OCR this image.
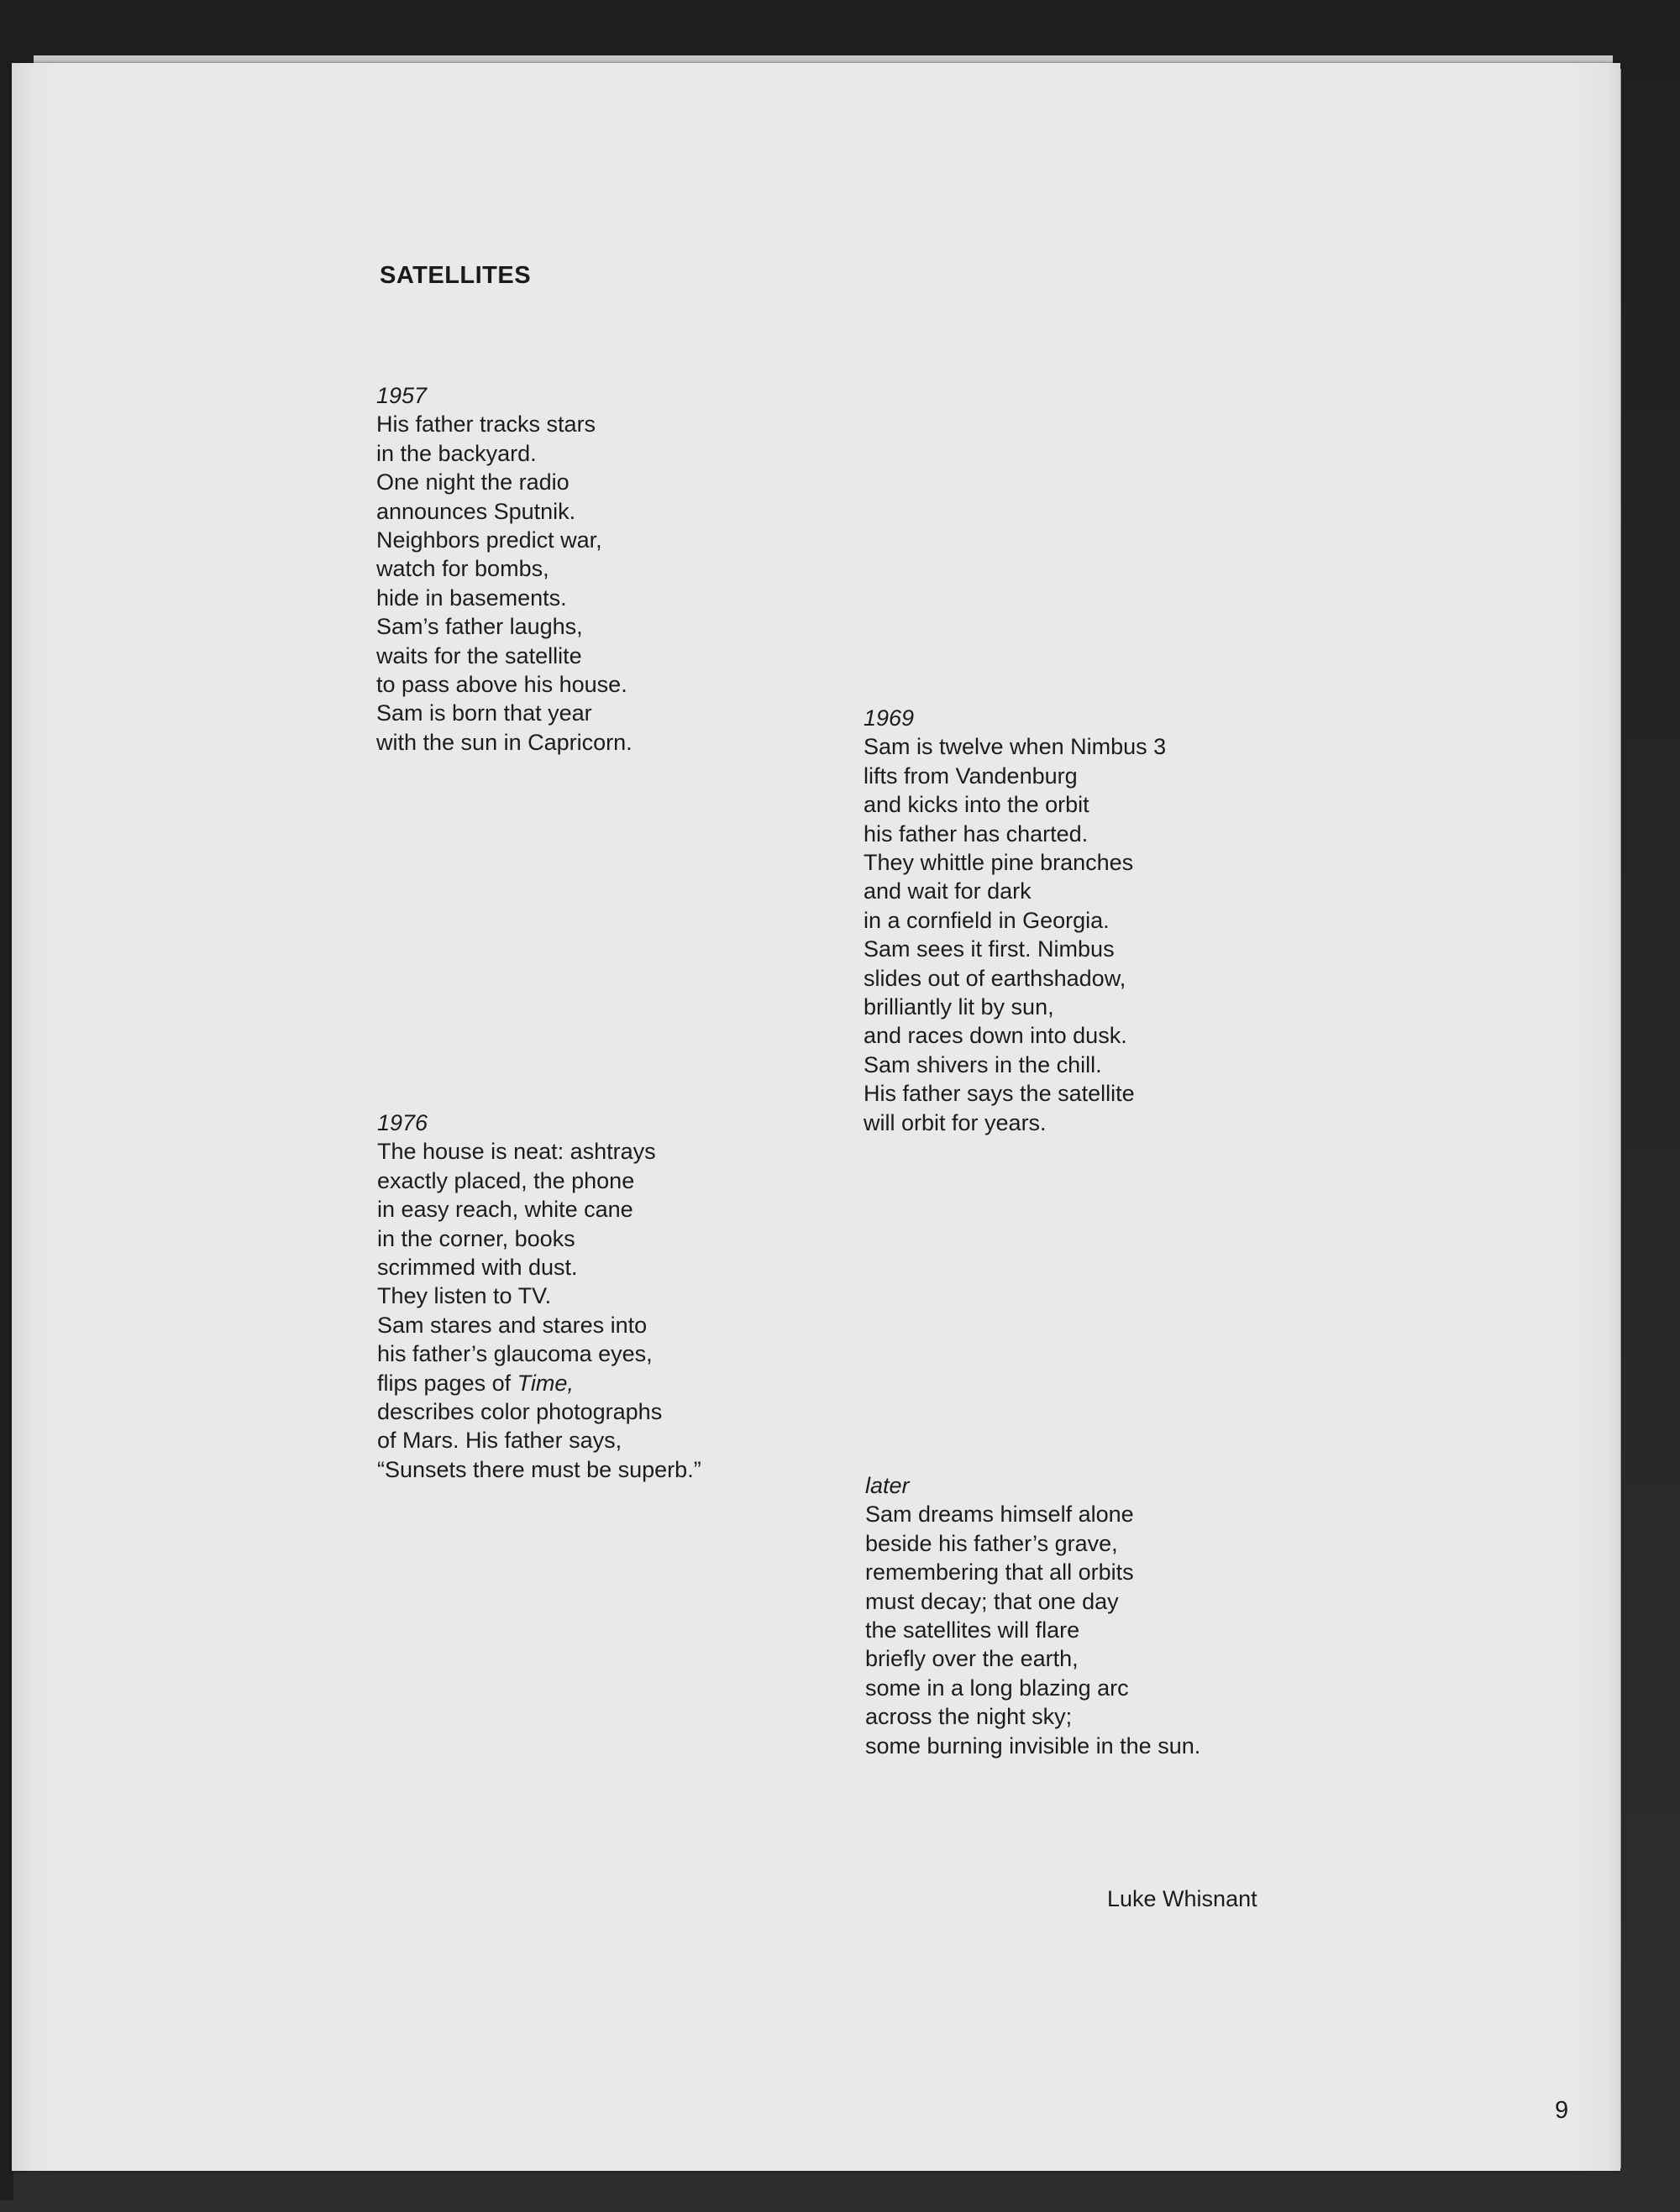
SATELLITES
1957
His father tracks stars
in the backyard.
One night the radio
announces Sputnik.
Neighbors predict war,
watch for bombs,
hide in basements.
Sam’s father laughs,
waits for the satellite
to pass above his house.
Sam is born that year
with the sun in Capricorn.
1969
Sam is twelve when Nimbus 3
lifts from Vandenburg
and kicks into the orbit
his father has charted.
They whittle pine branches
and wait for dark
in a cornfield in Georgia.
Sam sees it first. Nimbus
slides out of earthshadow,
brilliantly lit by sun,
and races down into dusk.
Sam shivers in the chill.
His father says the satellite
will orbit for years.
1976
The house is neat: ashtrays
exactly placed, the phone
in easy reach, white cane
in the corner, books
scrimmed with dust.
They listen to TV.
Sam stares and stares into
his father’s glaucoma eyes,
flips pages of Time,
describes color photographs
of Mars. His father says,
“Sunsets there must be superb.”
later
Sam dreams himself alone
beside his father’s grave,
remembering that all orbits
must decay; that one day
the satellites will flare
briefly over the earth,
some in a long blazing arc
across the night sky;
some burning invisible in the sun.
Luke Whisnant
9
